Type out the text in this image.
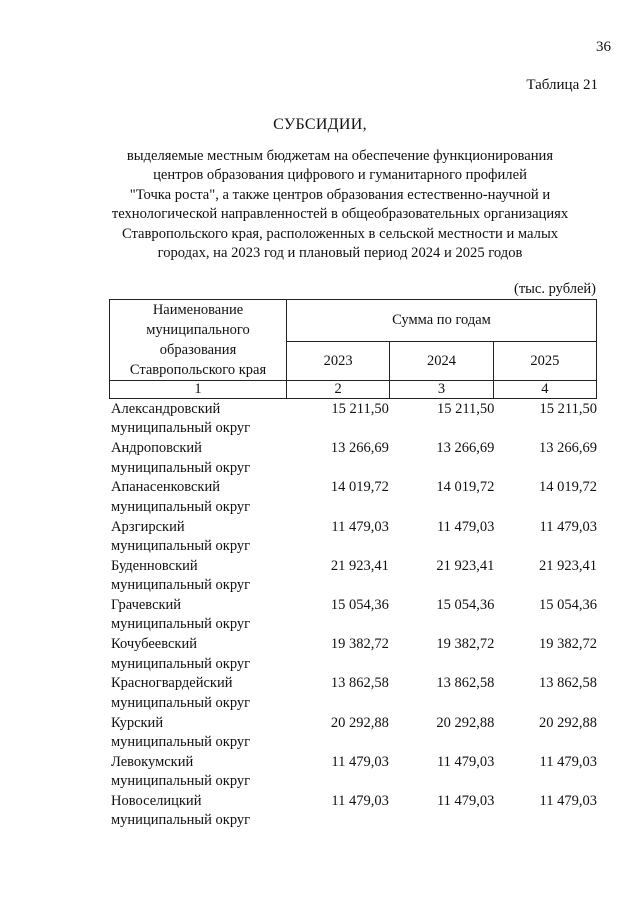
36
Таблица 21
СУБСИДИИ,
выделяемые местным бюджетам на обеспечение функционирования
центров образования цифрового и гуманитарного профилей
"Точка роста", а также центров образования естественно-научной и
технологической направленностей в общеобразовательных организациях
Ставропольского края, расположенных в сельской местности и малых
городах, на 2023 год и плановый период 2024 и 2025 годов
(тыс. рублей)
Наименование муниципального образования Ставропольского края	Сумма по годам		
	2023	2024	2025
1	2	3	4
Александровский
муниципальный округ
15 211,50	15 211,50	15 211,50
Андроповский
муниципальный округ
13 266,69	13 266,69	13 266,69
Апанасенковский
муниципальный округ
14 019,72	14 019,72	14 019,72
Арзгирский
муниципальный округ
11 479,03	11 479,03	11 479,03
Буденновский
муниципальный округ
21 923,41	21 923,41	21 923,41
Грачевский
муниципальный округ
15 054,36	15 054,36	15 054,36
Кочубеевский
муниципальный округ
19 382,72	19 382,72	19 382,72
Красногвардейский
муниципальный округ
13 862,58	13 862,58	13 862,58
Курский
муниципальный округ
20 292,88	20 292,88	20 292,88
Левокумский
муниципальный округ
11 479,03	11 479,03	11 479,03
Новоселицкий
муниципальный округ
11 479,03	11 479,03	11 479,03
